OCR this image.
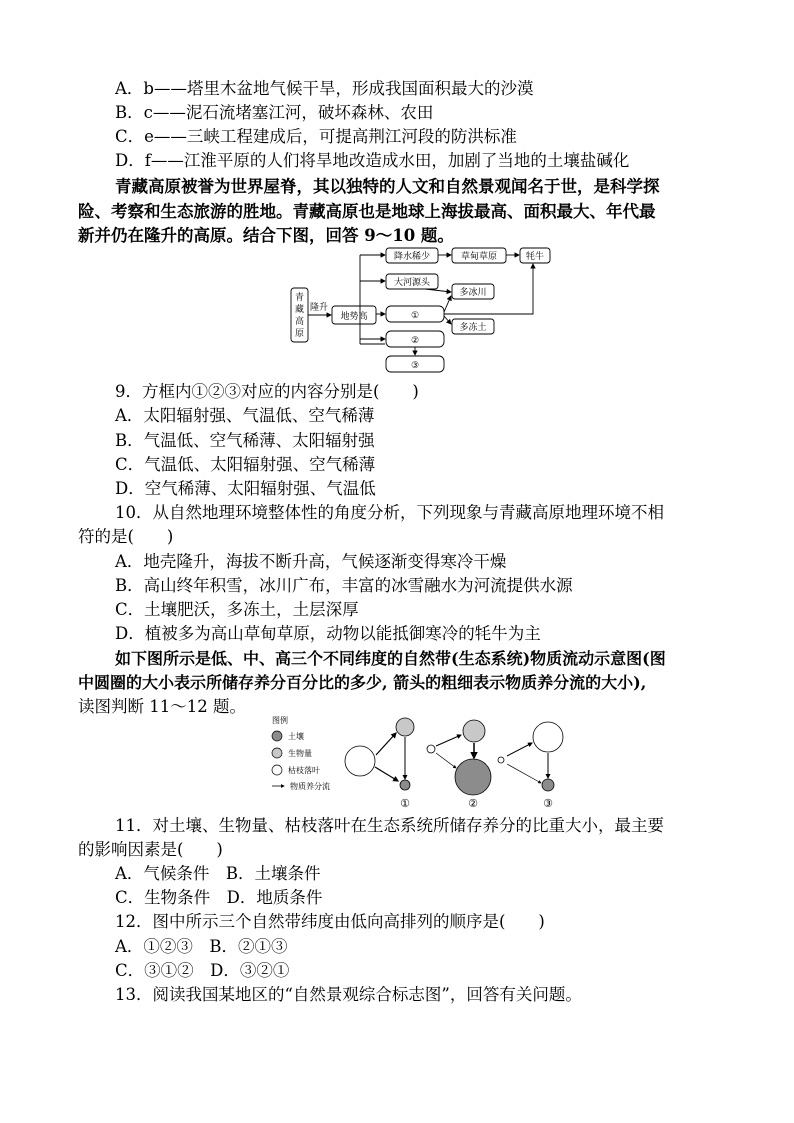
A．b——塔里木盆地气候干旱，形成我国面积最大的沙漠
B．c——泥石流堵塞江河，破坏森林、农田
C．e——三峡工程建成后，可提高荆江河段的防洪标准
D．f——江淮平原的人们将旱地改造成水田，加剧了当地的土壤盐碱化
青藏高原被誉为世界屋脊，其以独特的人文和自然景观闻名于世，是科学探
险、考察和生态旅游的胜地。青藏高原也是地球上海拔最高、面积最大、年代最
新并仍在隆升的高原。结合下图，回答 9～10 题。
青
藏
高
原
隆升
地势高
降水稀少	草甸草原	牦牛
大河源头
多冰川
多冻土
①
②
③
9．方框内①②③对应的内容分别是(　　)
A．太阳辐射强、气温低、空气稀薄
B．气温低、空气稀薄、太阳辐射强
C．气温低、太阳辐射强、空气稀薄
D．空气稀薄、太阳辐射强、气温低
10．从自然地理环境整体性的角度分析，下列现象与青藏高原地理环境不相
符的是(　　)
A．地壳隆升，海拔不断升高，气候逐渐变得寒冷干燥
B．高山终年积雪，冰川广布，丰富的冰雪融水为河流提供水源
C．土壤肥沃，多冻土，土层深厚
D．植被多为高山草甸草原，动物以能抵御寒冷的牦牛为主
如下图所示是低、中、高三个不同纬度的自然带(生态系统)物质流动示意图(图
中圆圈的大小表示所储存养分百分比的多少, 箭头的粗细表示物质养分流的大小),
读图判断 11～12 题。
图例
土壤
生物量
枯枝落叶
物质养分流
①	②	③
11．对土壤、生物量、枯枝落叶在生态系统所储存养分的比重大小，最主要
的影响因素是(　　)
A．气候条件　B．土壤条件
C．生物条件　D．地质条件
12．图中所示三个自然带纬度由低向高排列的顺序是(　　)
A．①②③　B．②①③
C．③①②　D．③②①
13．阅读我国某地区的“自然景观综合标志图”，回答有关问题。
